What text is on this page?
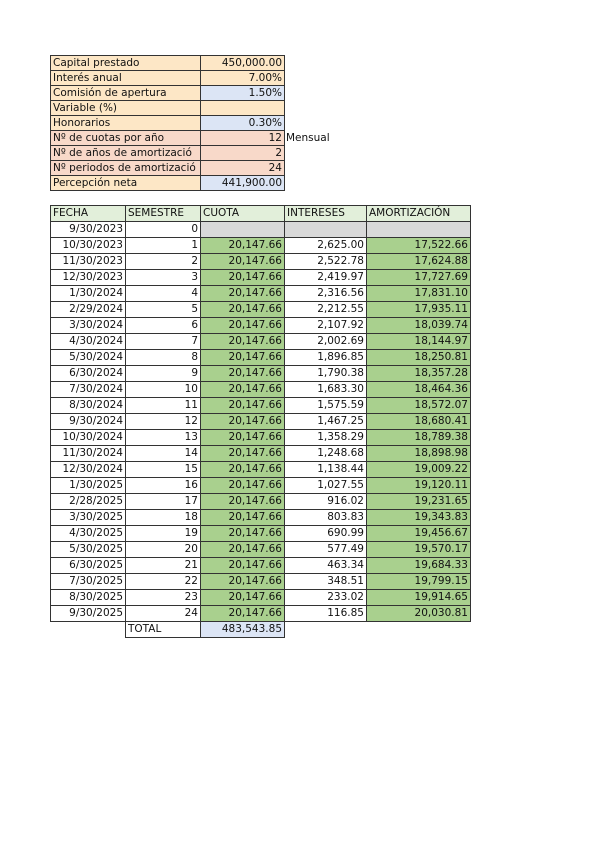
Capital prestado	450,000.00	
Interés anual	7.00%	
Comisión de apertura	1.50%	
Variable (%)		
Honorarios	0.30%	
Nº de cuotas por año	12	Mensual
Nº de años de amortizació	2	
Nº periodos de amortizació	24	
Percepción neta	441,900.00	
FECHA	SEMESTRE	CUOTA	INTERESES	AMORTIZACIÓN
9/30/2023	0			
10/30/2023	1	20,147.66	2,625.00	17,522.66
11/30/2023	2	20,147.66	2,522.78	17,624.88
12/30/2023	3	20,147.66	2,419.97	17,727.69
1/30/2024	4	20,147.66	2,316.56	17,831.10
2/29/2024	5	20,147.66	2,212.55	17,935.11
3/30/2024	6	20,147.66	2,107.92	18,039.74
4/30/2024	7	20,147.66	2,002.69	18,144.97
5/30/2024	8	20,147.66	1,896.85	18,250.81
6/30/2024	9	20,147.66	1,790.38	18,357.28
7/30/2024	10	20,147.66	1,683.30	18,464.36
8/30/2024	11	20,147.66	1,575.59	18,572.07
9/30/2024	12	20,147.66	1,467.25	18,680.41
10/30/2024	13	20,147.66	1,358.29	18,789.38
11/30/2024	14	20,147.66	1,248.68	18,898.98
12/30/2024	15	20,147.66	1,138.44	19,009.22
1/30/2025	16	20,147.66	1,027.55	19,120.11
2/28/2025	17	20,147.66	916.02	19,231.65
3/30/2025	18	20,147.66	803.83	19,343.83
4/30/2025	19	20,147.66	690.99	19,456.67
5/30/2025	20	20,147.66	577.49	19,570.17
6/30/2025	21	20,147.66	463.34	19,684.33
7/30/2025	22	20,147.66	348.51	19,799.15
8/30/2025	23	20,147.66	233.02	19,914.65
9/30/2025	24	20,147.66	116.85	20,030.81
	TOTAL	483,543.85		
